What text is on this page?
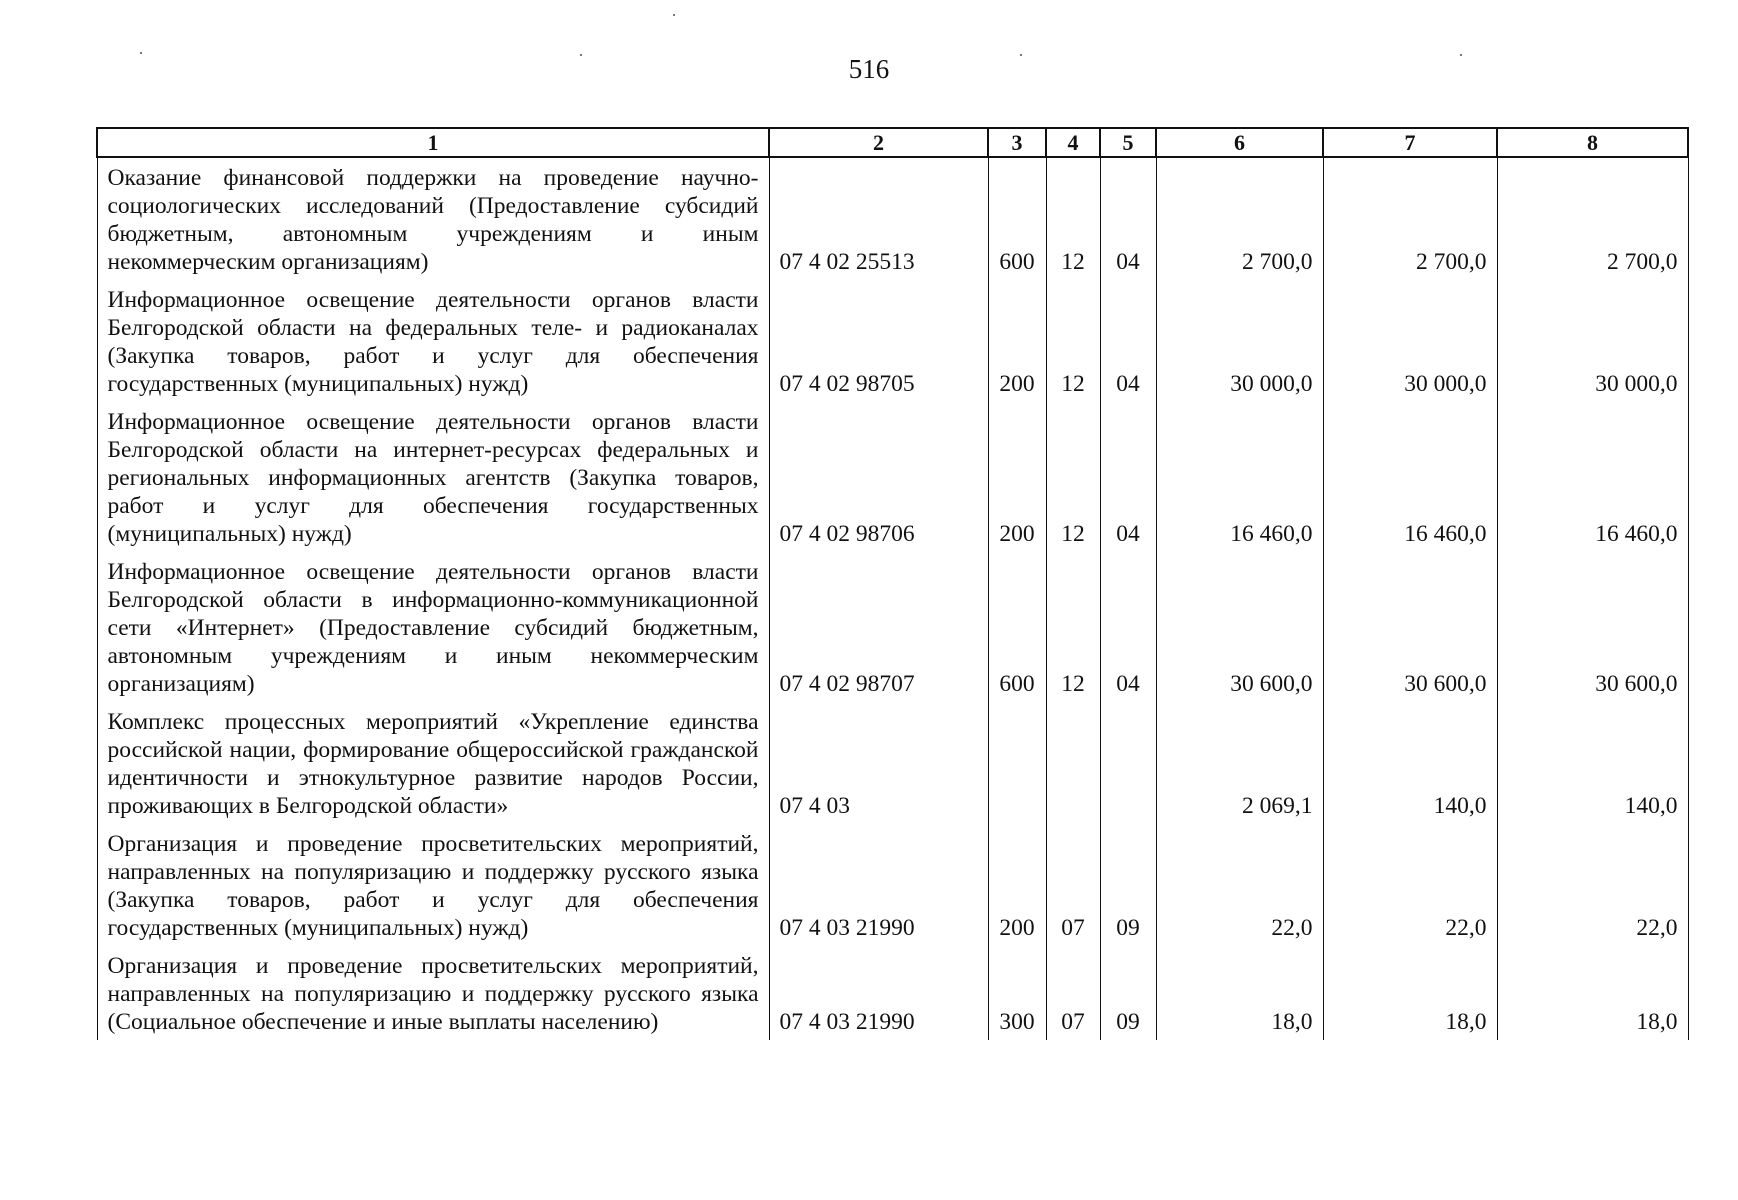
516
1	2	3	4	5	6	7	8
Оказание финансовой поддержки на проведение научно-социологических исследований (Предоставление субсидий бюджетным, автономным учреждениям и иным некоммерческим организациям)	07 4 02 25513	600	12	04	2 700,0	2 700,0	2 700,0
Информационное освещение деятельности органов власти Белгородской области на федеральных теле- и радиоканалах (Закупка товаров, работ и услуг для обеспечения государственных (муниципальных) нужд)	07 4 02 98705	200	12	04	30 000,0	30 000,0	30 000,0
Информационное освещение деятельности органов власти Белгородской области на интернет-ресурсах федеральных и региональных информационных агентств (Закупка товаров, работ и услуг для обеспечения государственных (муниципальных) нужд)	07 4 02 98706	200	12	04	16 460,0	16 460,0	16 460,0
Информационное освещение деятельности органов власти Белгородской области в информационно-коммуникационной сети «Интернет» (Предоставление субсидий бюджетным, автономным учреждениям и иным некоммерческим организациям)	07 4 02 98707	600	12	04	30 600,0	30 600,0	30 600,0
Комплекс процессных мероприятий «Укрепление единства российской нации, формирование общероссийской гражданской идентичности и этнокультурное развитие народов России, проживающих в Белгородской области»	07 4 03				2 069,1	140,0	140,0
Организация и проведение просветительских мероприятий, направленных на популяризацию и поддержку русского языка (Закупка товаров, работ и услуг для обеспечения государственных (муниципальных) нужд)	07 4 03 21990	200	07	09	22,0	22,0	22,0
Организация и проведение просветительских мероприятий, направленных на популяризацию и поддержку русского языка (Социальное обеспечение и иные выплаты населению)	07 4 03 21990	300	07	09	18,0	18,0	18,0
